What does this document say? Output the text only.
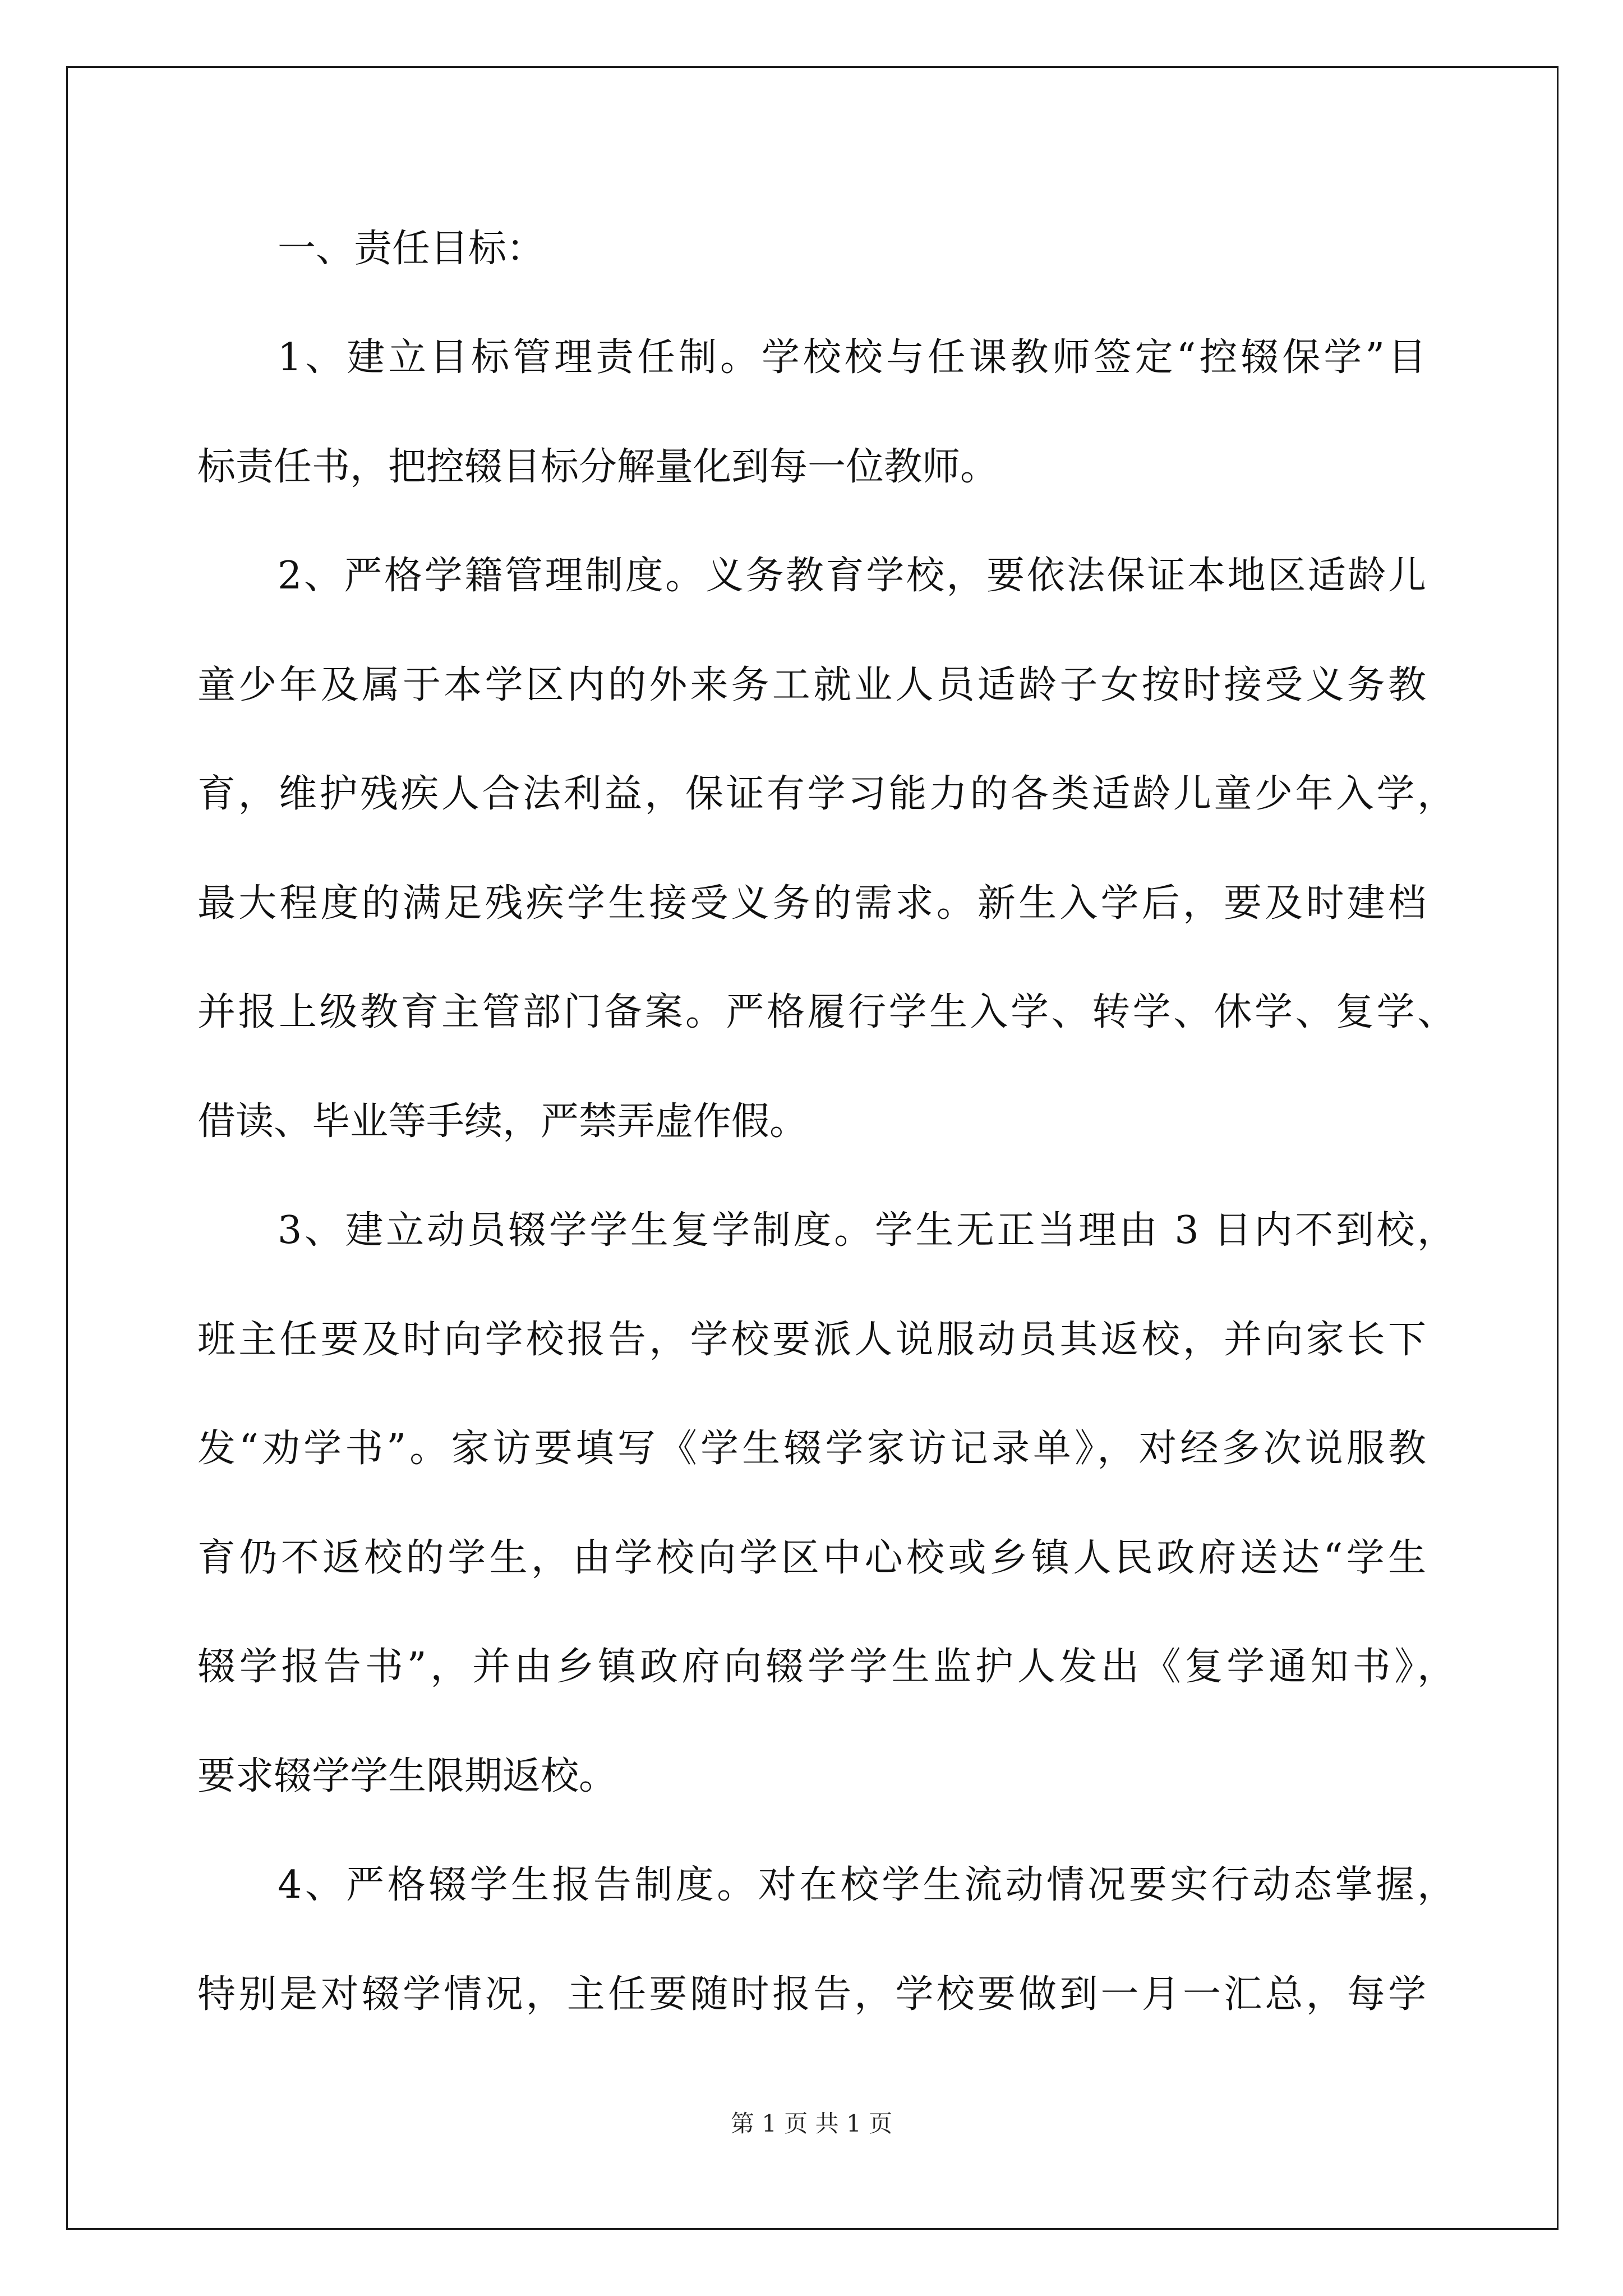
一、责任目标：
1、建立目标管理责任制。学校校与任课教师签定“控辍保学”目
标责任书，把控辍目标分解量化到每一位教师。
2、严格学籍管理制度。义务教育学校，要依法保证本地区适龄儿
童少年及属于本学区内的外来务工就业人员适龄子女按时接受义务教
育，维护残疾人合法利益，保证有学习能力的各类适龄儿童少年入学，
最大程度的满足残疾学生接受义务的需求。新生入学后，要及时建档
并报上级教育主管部门备案。严格履行学生入学、转学、休学、复学、
借读、毕业等手续，严禁弄虚作假。
3、建立动员辍学学生复学制度。学生无正当理由 3 日内不到校，
班主任要及时向学校报告，学校要派人说服动员其返校，并向家长下
发“劝学书”。家访要填写《学生辍学家访记录单》，对经多次说服教
育仍不返校的学生，由学校向学区中心校或乡镇人民政府送达“学生
辍学报告书”，并由乡镇政府向辍学学生监护人发出《复学通知书》，
要求辍学学生限期返校。
4、严格辍学生报告制度。对在校学生流动情况要实行动态掌握，
特别是对辍学情况，主任要随时报告，学校要做到一月一汇总，每学
第 1 页 共 1 页
